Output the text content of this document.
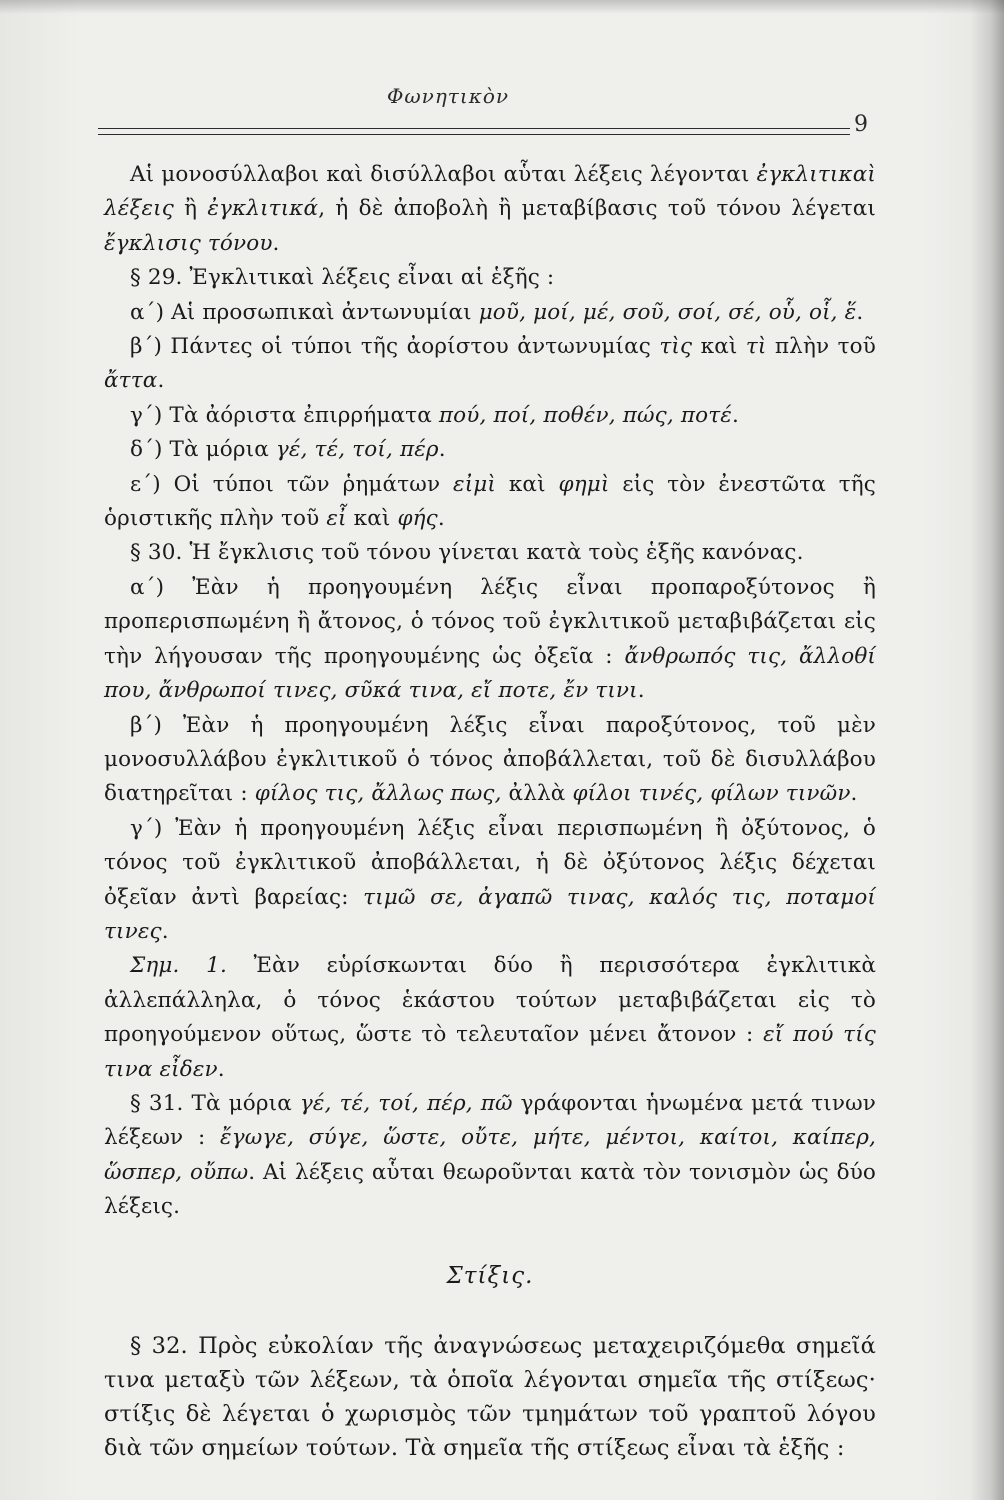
Φωνητικὸν
9

Αἱ μονοσύλλαβοι καὶ δισύλλαβοι αὗται λέξεις λέγονται ἐγκλιτικαὶ λέξεις ἢ ἐγκλιτικά, ἡ δὲ ἀποβολὴ ἢ μεταβίβασις τοῦ τόνου λέγεται ἔγκλισις τόνου.

§ 29. Ἐγκλιτικαὶ λέξεις εἶναι αἱ ἑξῆς :

α΄) Αἱ προσωπικαὶ ἀντωνυμίαι μοῦ, μοί, μέ, σοῦ, σοί, σέ, οὗ, οἷ, ἕ.

β΄) Πάντες οἱ τύποι τῆς ἀορίστου ἀντωνυμίας τὶς καὶ τὶ πλὴν τοῦ ἄττα.

γ΄) Τὰ ἀόριστα ἐπιρρήματα πού, ποί, ποθέν, πώς, ποτέ.

δ΄) Τὰ μόρια γέ, τέ, τοί, πέρ.

ε΄) Οἱ τύποι τῶν ῥημάτων εἰμὶ καὶ φημὶ εἰς τὸν ἐνεστῶτα τῆς ὁριστικῆς πλὴν τοῦ εἶ καὶ φής.

§ 30. Ἡ ἔγκλισις τοῦ τόνου γίνεται κατὰ τοὺς ἑξῆς κανόνας.

α΄) Ἐὰν ἡ προηγουμένη λέξις εἶναι προπαροξύτονος ἢ προπερισπωμένη ἢ ἄτονος, ὁ τόνος τοῦ ἐγκλιτικοῦ μεταβιβάζεται εἰς τὴν λήγουσαν τῆς προηγουμένης ὡς ὀξεῖα : ἄνθρωπός τις, ἄλλοθί που, ἄνθρωποί τινες, σῦκά τινα, εἴ ποτε, ἔν τινι.

β΄) Ἐὰν ἡ προηγουμένη λέξις εἶναι παροξύτονος, τοῦ μὲν μονοσυλλάβου ἐγκλιτικοῦ ὁ τόνος ἀποβάλλεται, τοῦ δὲ δισυλλάβου διατηρεῖται : φίλος τις, ἄλλως πως, ἀλλὰ φίλοι τινές, φίλων τινῶν.

γ΄) Ἐὰν ἡ προηγουμένη λέξις εἶναι περισπωμένη ἢ ὀξύτονος, ὁ τόνος τοῦ ἐγκλιτικοῦ ἀποβάλλεται, ἡ δὲ ὀξύτονος λέξις δέχεται ὀξεῖαν ἀντὶ βαρείας: τιμῶ σε, ἀγαπῶ τινας, καλός τις, ποταμοί τινες.

Σημ. 1. Ἐὰν εὑρίσκωνται δύο ἢ περισσότερα ἐγκλιτικὰ ἀλλεπάλληλα, ὁ τόνος ἑκάστου τούτων μεταβιβάζεται εἰς τὸ προηγούμενον οὕτως, ὥστε τὸ τελευταῖον μένει ἄτονον : εἴ πού τίς τινα εἶδεν.

§ 31. Τὰ μόρια γέ, τέ, τοί, πέρ, πῶ γράφονται ἡνωμένα μετά τινων λέξεων : ἔγωγε, σύγε, ὥστε, οὔτε, μήτε, μέντοι, καίτοι, καίπερ, ὥσπερ, οὔπω. Αἱ λέξεις αὗται θεωροῦνται κατὰ τὸν τονισμὸν ὡς δύο λέξεις.

Στίξις.

§ 32. Πρὸς εὐκολίαν τῆς ἀναγνώσεως μεταχειριζόμεθα σημεῖά τινα μεταξὺ τῶν λέξεων, τὰ ὁποῖα λέγονται σημεῖα τῆς στίξεως· στίξις δὲ λέγεται ὁ χωρισμὸς τῶν τμημάτων τοῦ γραπτοῦ λόγου διὰ τῶν σημείων τούτων. Τὰ σημεῖα τῆς στίξεως εἶναι τὰ ἑξῆς :
